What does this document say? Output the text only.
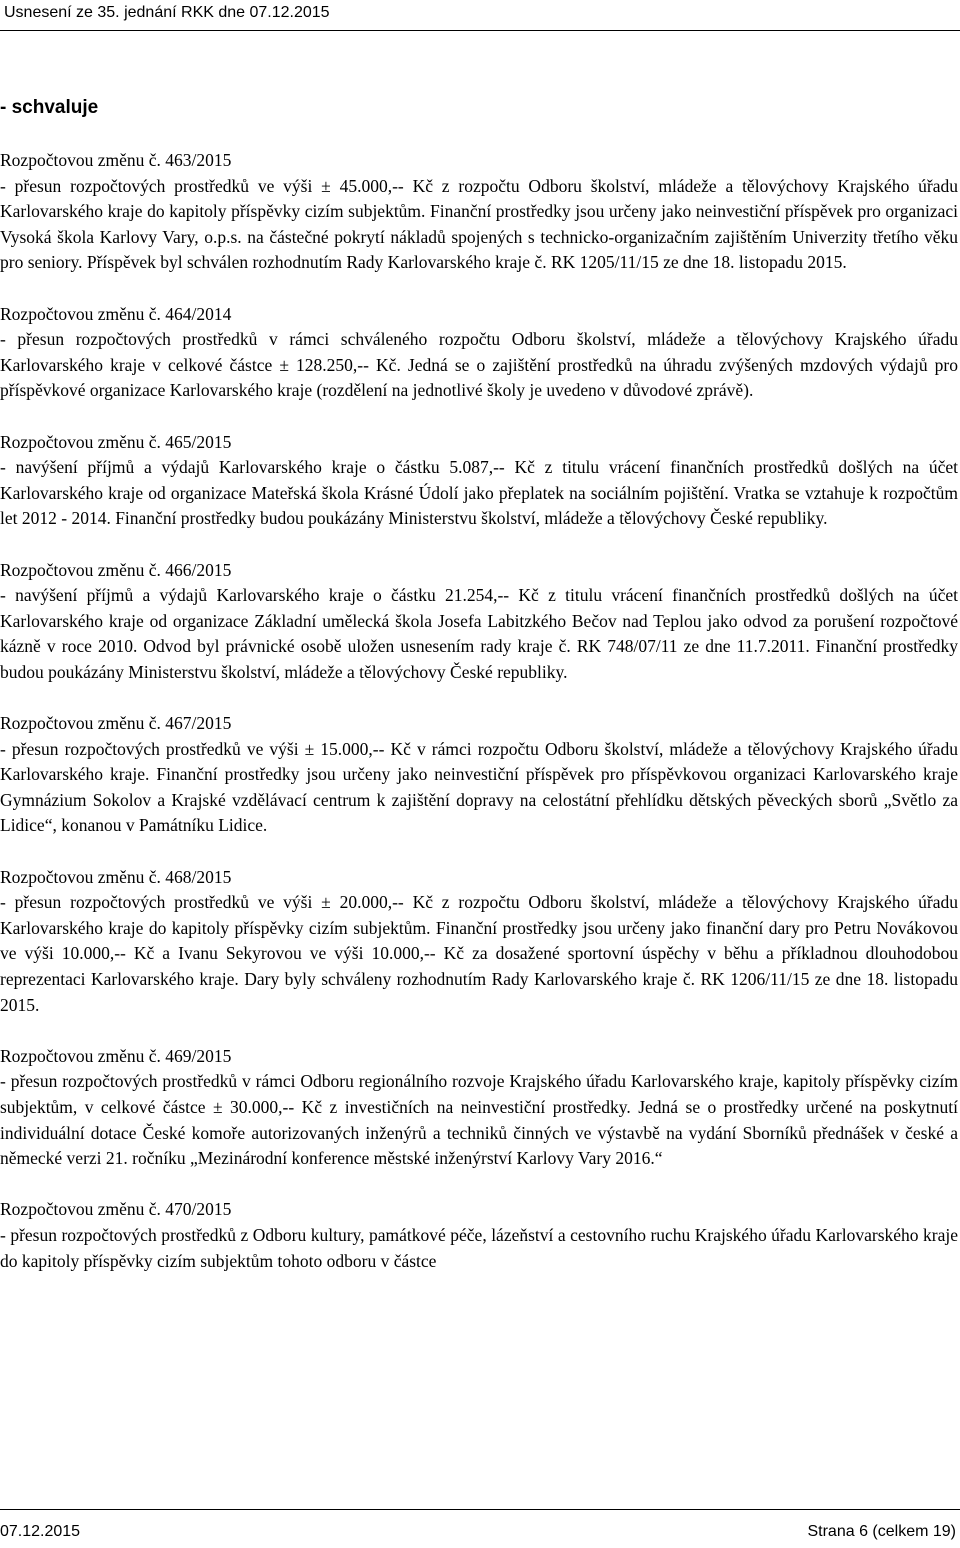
Usnesení ze 35. jednání RKK dne 07.12.2015
- schvaluje
Rozpočtovou změnu č. 463/2015
- přesun rozpočtových prostředků ve výši ± 45.000,-- Kč z rozpočtu Odboru školství, mládeže a tělovýchovy Krajského úřadu Karlovarského kraje do kapitoly příspěvky cizím subjektům. Finanční prostředky jsou určeny jako neinvestiční příspěvek pro organizaci Vysoká škola Karlovy Vary, o.p.s. na částečné pokrytí nákladů spojených s technicko-organizačním zajištěním Univerzity třetího věku pro seniory. Příspěvek byl schválen rozhodnutím Rady Karlovarského kraje č. RK 1205/11/15 ze dne 18. listopadu 2015.
Rozpočtovou změnu č. 464/2014
- přesun rozpočtových prostředků v rámci schváleného rozpočtu Odboru školství, mládeže a tělovýchovy Krajského úřadu Karlovarského kraje v celkové částce ± 128.250,-- Kč. Jedná se o zajištění prostředků na úhradu zvýšených mzdových výdajů pro příspěvkové organizace Karlovarského kraje (rozdělení na jednotlivé školy je uvedeno v důvodové zprávě).
Rozpočtovou změnu č. 465/2015
- navýšení příjmů a výdajů Karlovarského kraje o částku 5.087,-- Kč z titulu vrácení finančních prostředků došlých na účet Karlovarského kraje od organizace Mateřská škola Krásné Údolí jako přeplatek na sociálním pojištění. Vratka se vztahuje k rozpočtům let 2012 - 2014. Finanční prostředky budou poukázány Ministerstvu školství, mládeže a tělovýchovy České republiky.
Rozpočtovou změnu č. 466/2015
- navýšení příjmů a výdajů Karlovarského kraje o částku 21.254,-- Kč z titulu vrácení finančních prostředků došlých na účet Karlovarského kraje od organizace Základní umělecká škola Josefa Labitzkého Bečov nad Teplou jako odvod za porušení rozpočtové kázně v roce 2010. Odvod byl právnické osobě uložen usnesením rady kraje č. RK 748/07/11 ze dne 11.7.2011. Finanční prostředky budou poukázány Ministerstvu školství, mládeže a tělovýchovy České republiky.
Rozpočtovou změnu č. 467/2015
- přesun rozpočtových prostředků ve výši ± 15.000,-- Kč v rámci rozpočtu Odboru školství, mládeže a tělovýchovy Krajského úřadu Karlovarského kraje. Finanční prostředky jsou určeny jako neinvestiční příspěvek pro příspěvkovou organizaci Karlovarského kraje Gymnázium Sokolov a Krajské vzdělávací centrum k zajištění dopravy na celostátní přehlídku dětských pěveckých sborů „Světlo za Lidice“, konanou v Památníku Lidice.
Rozpočtovou změnu č. 468/2015
- přesun rozpočtových prostředků ve výši ± 20.000,-- Kč z rozpočtu Odboru školství, mládeže a tělovýchovy Krajského úřadu Karlovarského kraje do kapitoly příspěvky cizím subjektům. Finanční prostředky jsou určeny jako finanční dary pro Petru Novákovou ve výši 10.000,-- Kč a Ivanu Sekyrovou ve výši 10.000,-- Kč za dosažené sportovní úspěchy v běhu a příkladnou dlouhodobou reprezentaci Karlovarského kraje. Dary byly schváleny rozhodnutím Rady Karlovarského kraje č. RK 1206/11/15 ze dne 18. listopadu 2015.
Rozpočtovou změnu č. 469/2015
- přesun rozpočtových prostředků v rámci Odboru regionálního rozvoje Krajského úřadu Karlovarského kraje, kapitoly příspěvky cizím subjektům, v celkové částce ± 30.000,-- Kč z investičních na neinvestiční prostředky. Jedná se o prostředky určené na poskytnutí individuální dotace České komoře autorizovaných inženýrů a techniků činných ve výstavbě na vydání Sborníků přednášek v české a německé verzi 21. ročníku „Mezinárodní konference městské inženýrství Karlovy Vary 2016.“
Rozpočtovou změnu č. 470/2015
- přesun rozpočtových prostředků z Odboru kultury, památkové péče, lázeňství a cestovního ruchu Krajského úřadu Karlovarského kraje do kapitoly příspěvky cizím subjektům tohoto odboru v částce
07.12.2015	Strana 6 (celkem 19)
